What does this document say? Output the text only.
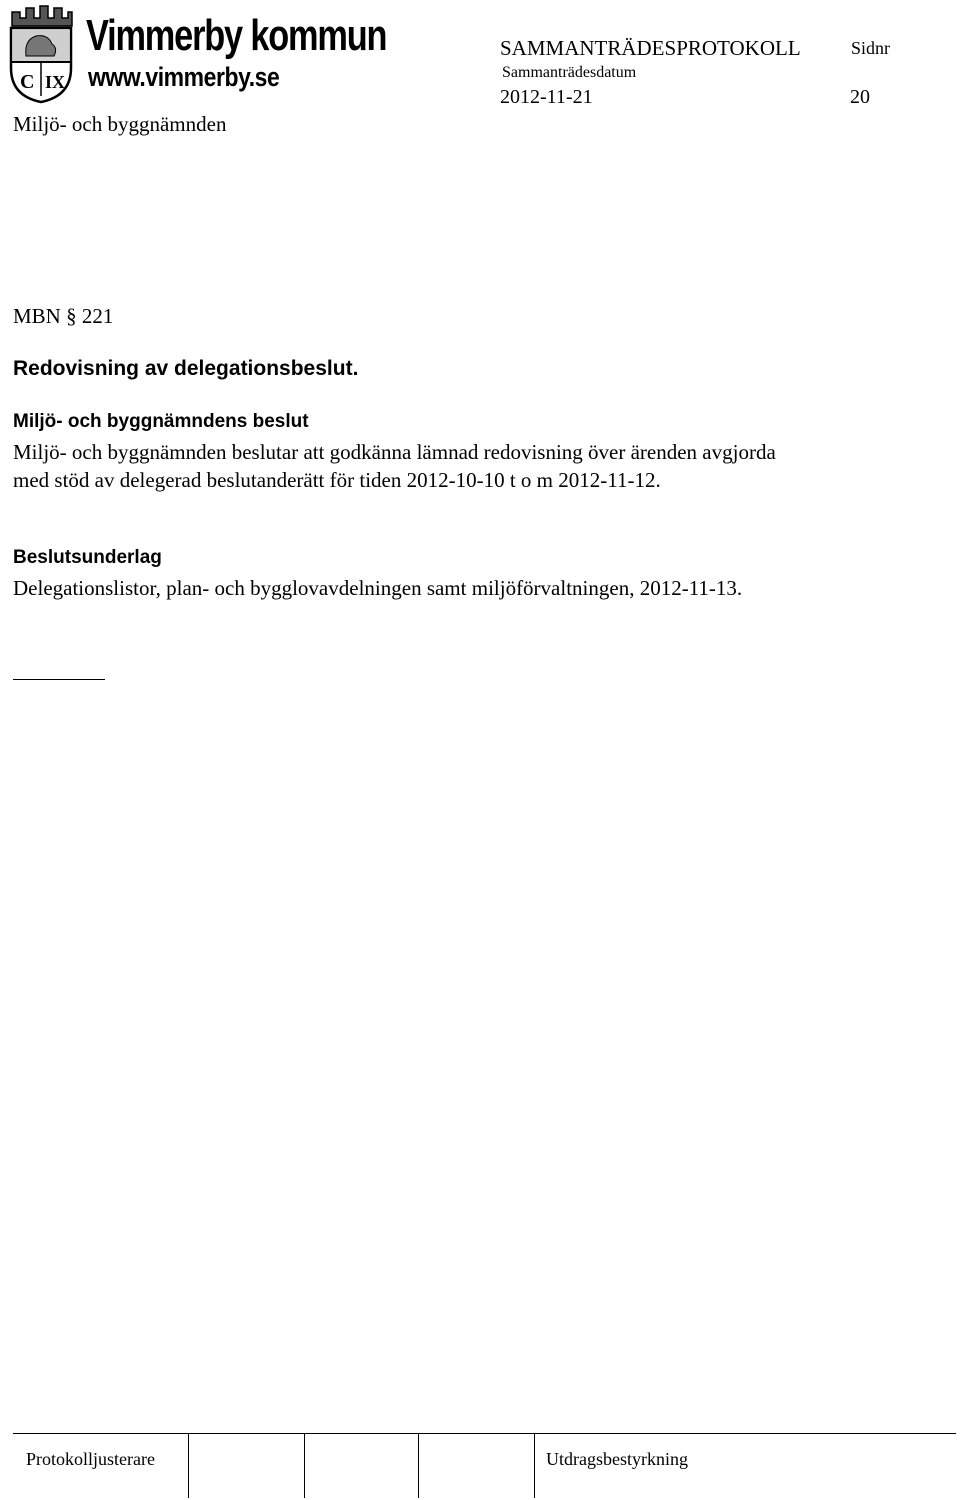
C IX
Vimmerby kommun
www.vimmerby.se
SAMMANTRÄDESPROTOKOLL	Sidnr
Sammanträdesdatum
2012-11-21	20
Miljö- och byggnämnden
MBN § 221
Redovisning av delegationsbeslut.
Miljö- och byggnämndens beslut
Miljö- och byggnämnden beslutar att godkänna lämnad redovisning över ärenden avgjorda med stöd av delegerad beslutanderätt för tiden 2012-10-10 t o m 2012-11-12.
Beslutsunderlag
Delegationslistor, plan- och bygglovavdelningen samt miljöförvaltningen, 2012-11-13.
Protokolljusterare	Utdragsbestyrkning
